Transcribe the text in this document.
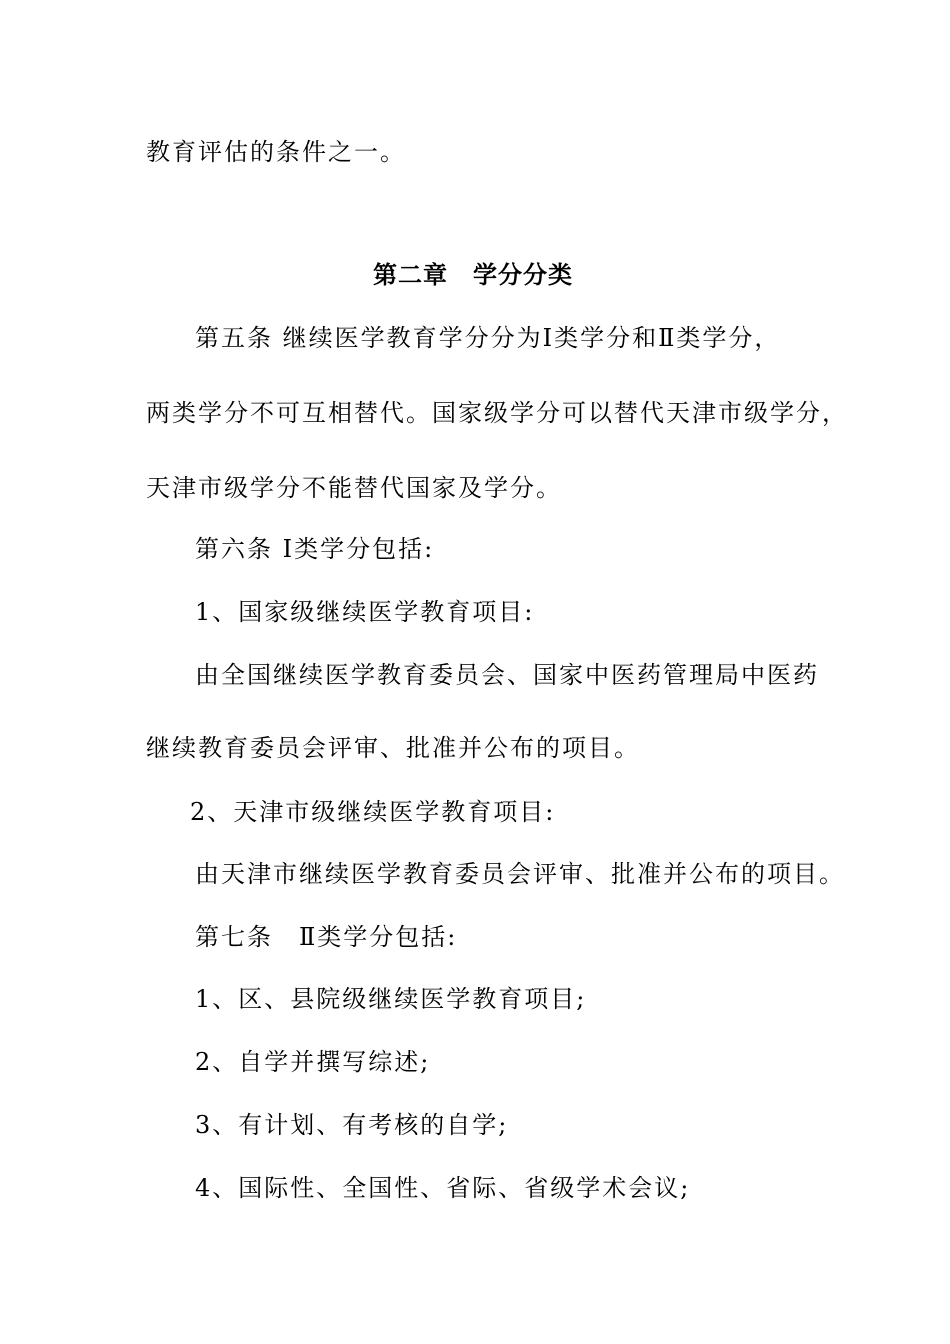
教育评估的条件之一。
第二章　学分分类
第五条 继续医学教育学分分为Ⅰ类学分和Ⅱ类学分，
两类学分不可互相替代。国家级学分可以替代天津市级学分，
天津市级学分不能替代国家及学分。
第六条 I类学分包括:
1、国家级继续医学教育项目:
由全国继续医学教育委员会、国家中医药管理局中医药
继续教育委员会评审、批准并公布的项目。
2、天津市级继续医学教育项目:
由天津市继续医学教育委员会评审、批准并公布的项目。
第七条　Ⅱ类学分包括:
1、区、县院级继续医学教育项目;
2、自学并撰写综述;
3、有计划、有考核的自学;
4、国际性、全国性、省际、省级学术会议;
